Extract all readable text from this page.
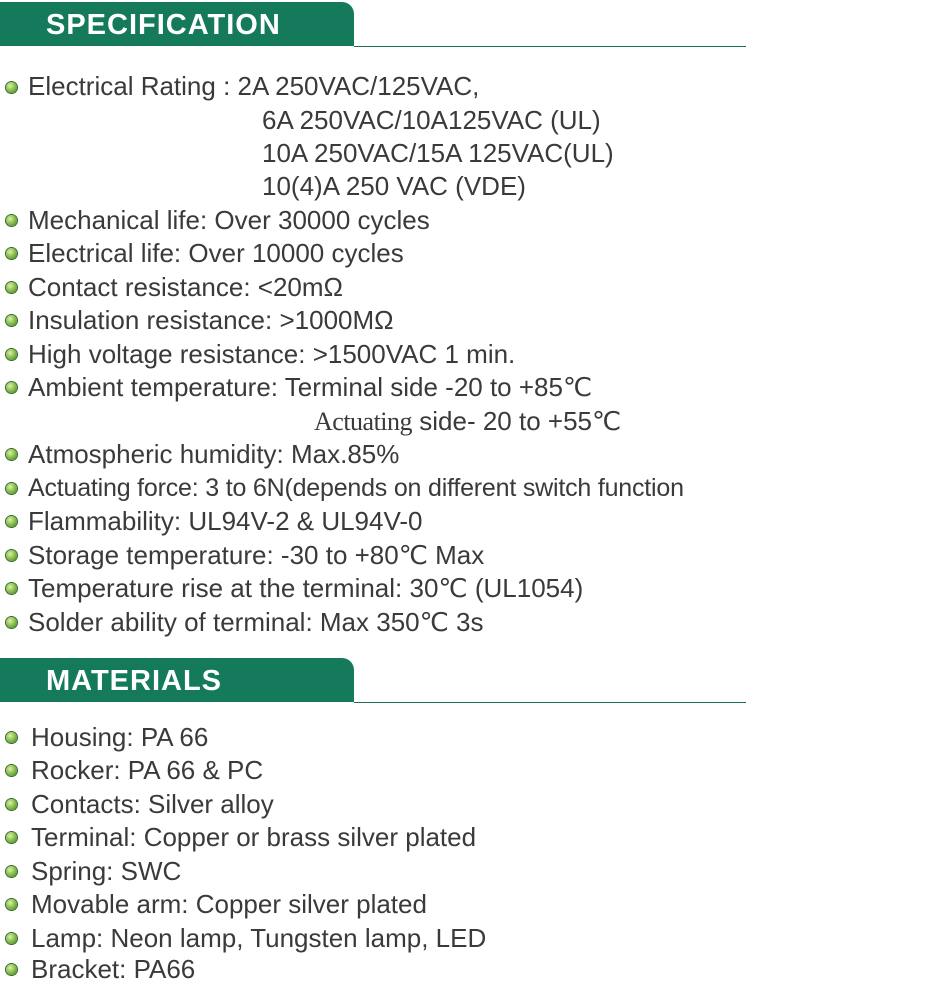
SPECIFICATION
Electrical Rating : 2A 250VAC/125VAC,
6A 250VAC/10A125VAC (UL)
10A 250VAC/15A 125VAC(UL)
10(4)A 250 VAC (VDE)
Mechanical life: Over 30000 cycles
Electrical life: Over 10000 cycles
Contact resistance: <20mΩ
Insulation resistance: >1000MΩ
High voltage resistance: >1500VAC 1 min.
Ambient temperature: Terminal side -20 to +85℃
Actuating side- 20 to +55℃
Atmospheric humidity: Max.85%
Actuating force: 3 to 6N(depends on different switch function
Flammability: UL94V-2 & UL94V-0
Storage temperature: -30 to +80℃ Max
Temperature rise at the terminal: 30℃ (UL1054)
Solder ability of terminal: Max 350℃ 3s
MATERIALS
Housing: PA 66
Rocker: PA 66 & PC
Contacts: Silver alloy
Terminal: Copper or brass silver plated
Spring: SWC
Movable arm: Copper silver plated
Lamp: Neon lamp, Tungsten lamp, LED
Bracket: PA66
